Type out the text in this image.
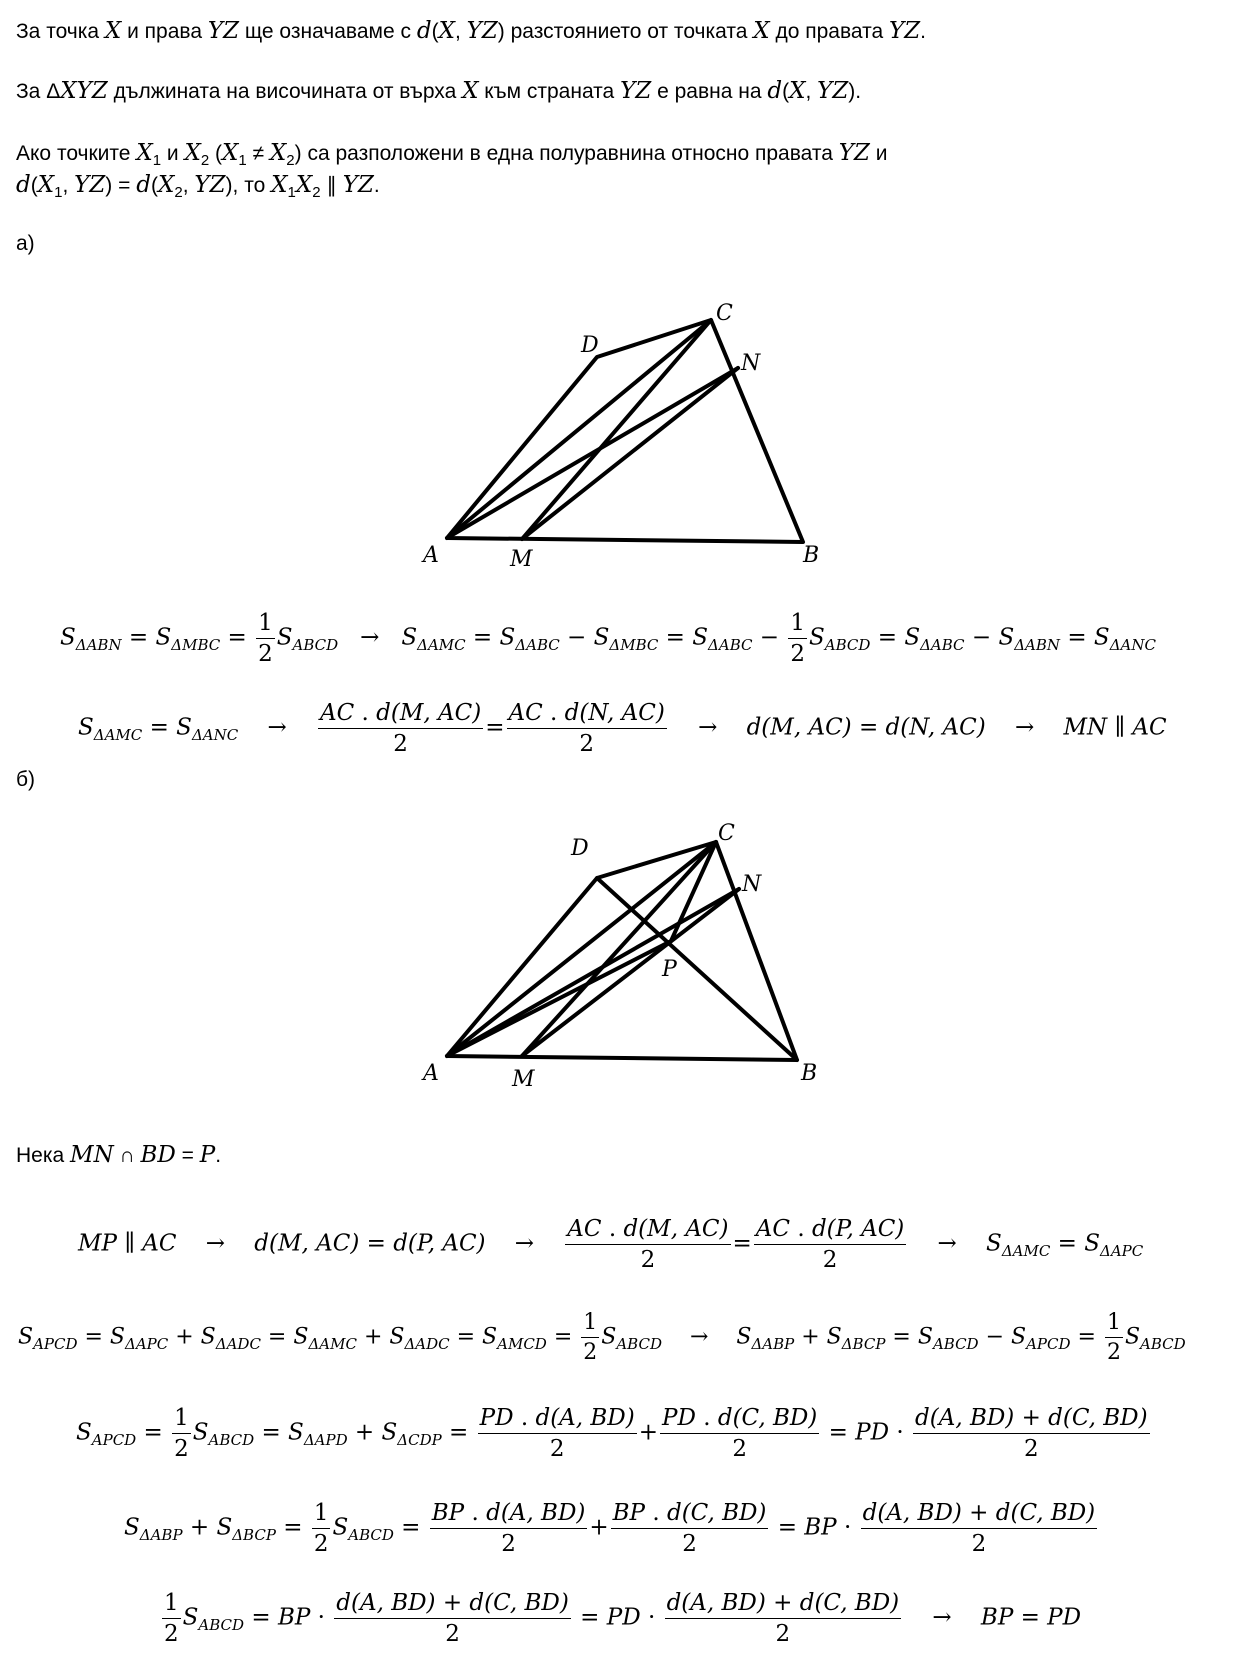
За точка X и права YZ ще означаваме с d(X, YZ) разстоянието от точката X до правата YZ.
За ΔXYZ дължината на височината от върха X към страната YZ е равна на d(X, YZ).
Ако точките $X_1$ и $X_2$ $(X_1 \ne X_2)$ са разположени в една полуравнина относно правата YZ и
$d(X_1$, $YZ) = d(X_2$, YZ), то $X_1X_2$ ∥ YZ.
а)
A	B
C
D
M
N
$S_{\Delta ABN} = S_{\Delta MBC} = \frac{1}{2} S_{ABCD} \to S_{\Delta AMC} = S_{\Delta ABC} - S_{\Delta MBC} = S_{\Delta ABC} - \frac{1}{2} S_{ABCD} = S_{\Delta ABC} - S_{\Delta ABN} = S_{\Delta ANC}$
$S_{\Delta AMC} = S_{\Delta ANC} \to \frac{AC . d(M, AC)}{2} = \frac{AC . d(N, AC)}{2}$ →    d(M, AC) = d(N, AC)    →    MN ∥ AC
б)
A	B
C
D
M
N
P
Нека MN ∩ BD = P.
MP ∥ AC    →    d(M, AC) = d(P, AC)    → $\frac{AC . d(M, AC)}{2} = \frac{AC . d(P, AC)}{2}$ →    $S_{\Delta AMC} = S_{\Delta APC}$
$S_{APCD} = S_{\Delta APC} + S_{\Delta ADC} = S_{\Delta AMC} + S_{\Delta ADC} = S_{AMCD} = \frac{1}{2} S_{ABCD}$ →    $S_{\Delta ABP} + S_{\Delta BCP} = S_{ABCD} - S_{APCD} = \frac{1}{2} S_{ABCD}$
$S_{APCD} = \frac{1}{2} S_{ABCD} = S_{\Delta APD} + S_{\Delta CDP} = \frac{PD . d(A, BD)}{2} + \frac{PD . d(C, BD)}{2}$ = PD · $\frac{d(A, BD) + d(C, BD)}{2}$
$S_{\Delta ABP} + S_{\Delta BCP} = \frac{1}{2} S_{ABCD} = \frac{BP . d(A, BD)}{2} + \frac{BP . d(C, BD)}{2}$ = BP · $\frac{d(A, BD) + d(C, BD)}{2}$
$\frac{1}{2} S_{ABCD}$ = BP · $\frac{d(A, BD) + d(C, BD)}{2}$ = PD · $\frac{d(A, BD) + d(C, BD)}{2}$ →    BP = PD
